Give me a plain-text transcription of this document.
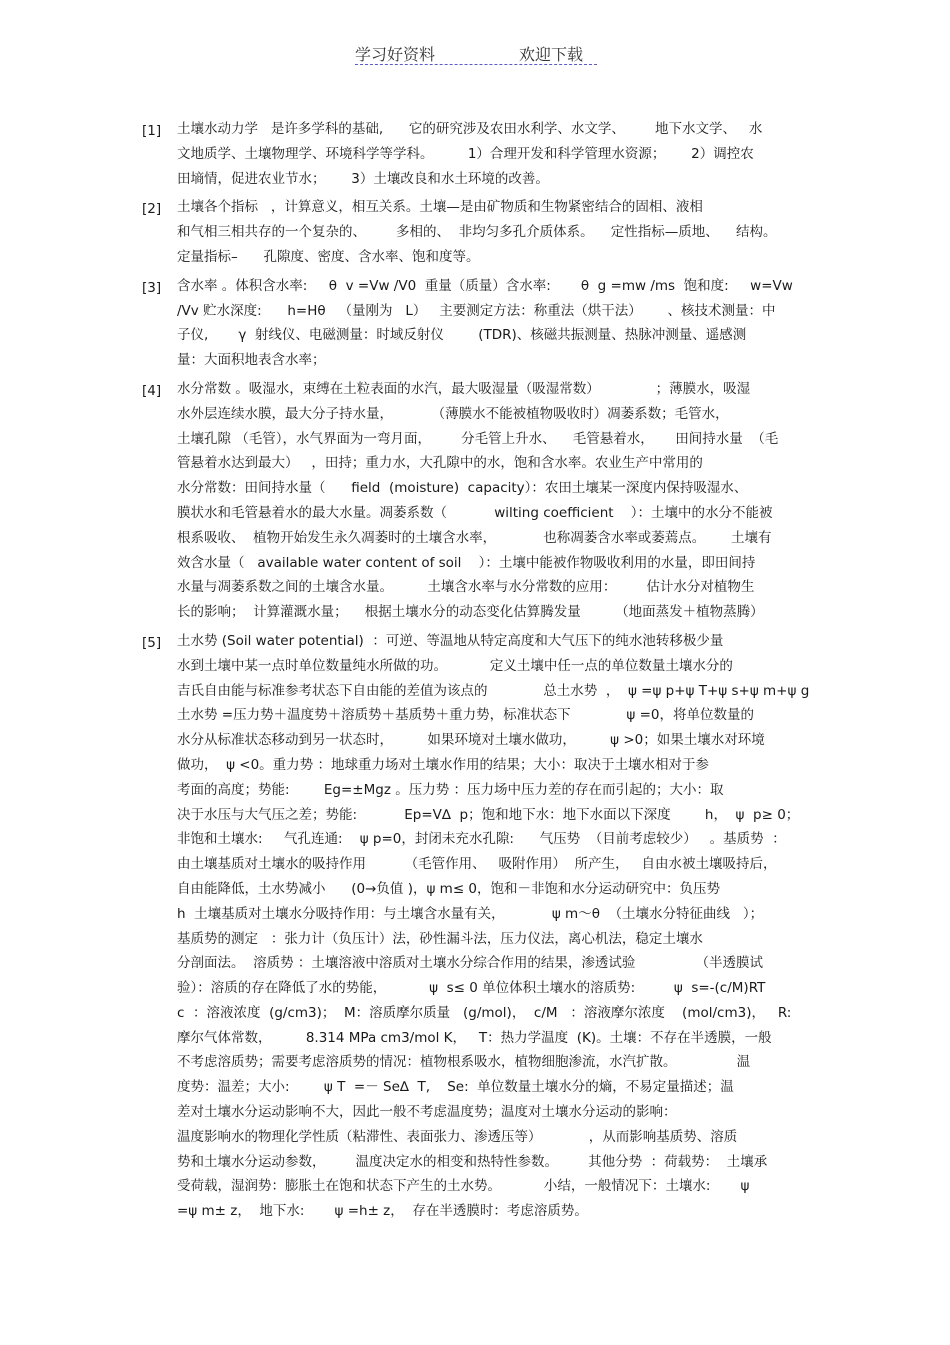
学习好资料	欢迎下载
[1] 土壤水动力学   是许多学科的基础,      它的研究涉及农田水利学、水文学、       地下水文学、   水
文地质学、土壤物理学、环境科学等学科。        1）合理开发和科学管理水资源；      2）调控农
田墒情，促进农业节水；      3）土壤改良和水土环境的改善。
[2] 土壤各个指标   ，计算意义，相互关系。土壤—是由矿物质和生物紧密结合的固相、液相
和气相三相共存的一个复杂的、       多相的、  非均匀多孔介质体系。    定性指标—质地、    结构。
定量指标–      孔隙度、密度、含水率、饱和度等。
[3] 含水率 。体积含水率:     θ  v =Vw /V0  重量（质量）含水率:       θ  g =mw /ms  饱和度:     w=Vw
/Vv 贮水深度:      h=Hθ   （量刚为   L）   主要测定方法：称重法（烘干法）      、核技术测量：中
子仪,       γ  射线仪、电磁测量：时域反射仪        (TDR)、核磁共振测量、热脉冲测量、遥感测
量：大面积地表含水率；
[4] 水分常数 。吸湿水，束缚在土粒表面的水汽，最大吸湿量（吸湿常数）             ；薄膜水，吸湿
水外层连续水膜，最大分子持水量，         （薄膜水不能被植物吸收时）凋萎系数；毛管水，
土壤孔隙 （毛管），水气界面为一弯月面，       分毛管上升水、    毛管悬着水，     田间持水量  （毛
管悬着水达到最大）   ，田持；重力水，大孔隙中的水，饱和含水率。农业生产中常用的
水分常数：田间持水量（      field  (moisture)  capacity）：农田土壤某一深度内保持吸湿水、
膜状水和毛管悬着水的最大水量。凋萎系数（           wilting coefficient    ）：土壤中的水分不能被
根系吸收、  植物开始发生永久凋萎时的土壤含水率，           也称凋萎含水率或萎蔫点。      土壤有
效含水量（   available water content of soil    ）：土壤中能被作物吸收利用的水量，即田间持
水量与凋萎系数之间的土壤含水量。        土壤含水率与水分常数的应用：       估计水分对植物生
长的影响；  计算灌溉水量；    根据土壤水分的动态变化估算腾发量        （地面蒸发＋植物蒸腾）
[5] 土水势 (Soil water potential)  ：可逆、等温地从特定高度和大气压下的纯水池转移极少量
水到土壤中某一点时单位数量纯水所做的功。          定义土壤中任一点的单位数量土壤水分的
吉氏自由能与标准参考状态下自由能的差值为该点的             总土水势  ，  ψ =ψ p+ψ T+ψ s+ψ m+ψ g
土水势 =压力势＋温度势＋溶质势＋基质势＋重力势，标准状态下             ψ =0，将单位数量的
水分从标准状态移动到另一状态时，        如果环境对土壤水做功，        ψ >0；如果土壤水对环境
做功，  ψ <0。重力势 ：地球重力场对土壤水作用的结果；大小：取决于土壤水相对于参
考面的高度；势能:        Eg=±Mgz 。压力势 ：压力场中压力差的存在而引起的；大小：取
决于水压与大气压之差；势能:           Ep=V∆  p；饱和地下水：地下水面以下深度        h，  ψ  p≥ 0；
非饱和土壤水:     气孔连通:    ψ p=0，封闭未充水孔隙:      气压势  （目前考虑较少）   。基质势  ：
由土壤基质对土壤水的吸持作用         （毛管作用、   吸附作用）  所产生，   自由水被土壤吸持后，
自由能降低，土水势减小      (0→负值 )，ψ m≤ 0，饱和－非饱和水分运动研究中：负压势
h  土壤基质对土壤水分吸持作用：与土壤含水量有关，           ψ m～θ  （土壤水分特征曲线   ）；
基质势的测定   ：张力计（负压计）法，砂性漏斗法，压力仪法，离心机法，稳定土壤水
分剖面法。  溶质势 ：土壤溶液中溶质对土壤水分综合作用的结果，渗透试验              （半透膜试
验）：溶质的存在降低了水的势能，          ψ  s≤ 0 单位体积土壤水的溶质势:         ψ  s=-(c/M)RT
c  ：溶液浓度  (g/cm3)；  M：溶质摩尔质量   (g/mol)，  c/M   ：溶液摩尔浓度    (mol/cm3)，   R:
摩尔气体常数，        8.314 MPa cm3/mol K，   T：热力学温度  (K)。土壤：不存在半透膜，一般
不考虑溶质势；需要考虑溶质势的情况：植物根系吸水，植物细胞渗流，水汽扩散。              温
度势：温差；大小:        ψ T  =－ Se∆  T,    Se:  单位数量土壤水分的熵，不易定量描述；温
差对土壤水分运动影响不大，因此一般不考虑温度势；温度对土壤水分运动的影响：
温度影响水的物理化学性质（粘滞性、表面张力、渗透压等）           ，从而影响基质势、溶质
势和土壤水分运动参数，       温度决定水的相变和热特性参数。       其他分势  ：荷载势：  土壤承
受荷载，湿润势：膨胀土在饱和状态下产生的土水势。          小结，一般情况下：土壤水:       ψ
=ψ m± z，  地下水:       ψ =h± z，  存在半透膜时：考虑溶质势。
